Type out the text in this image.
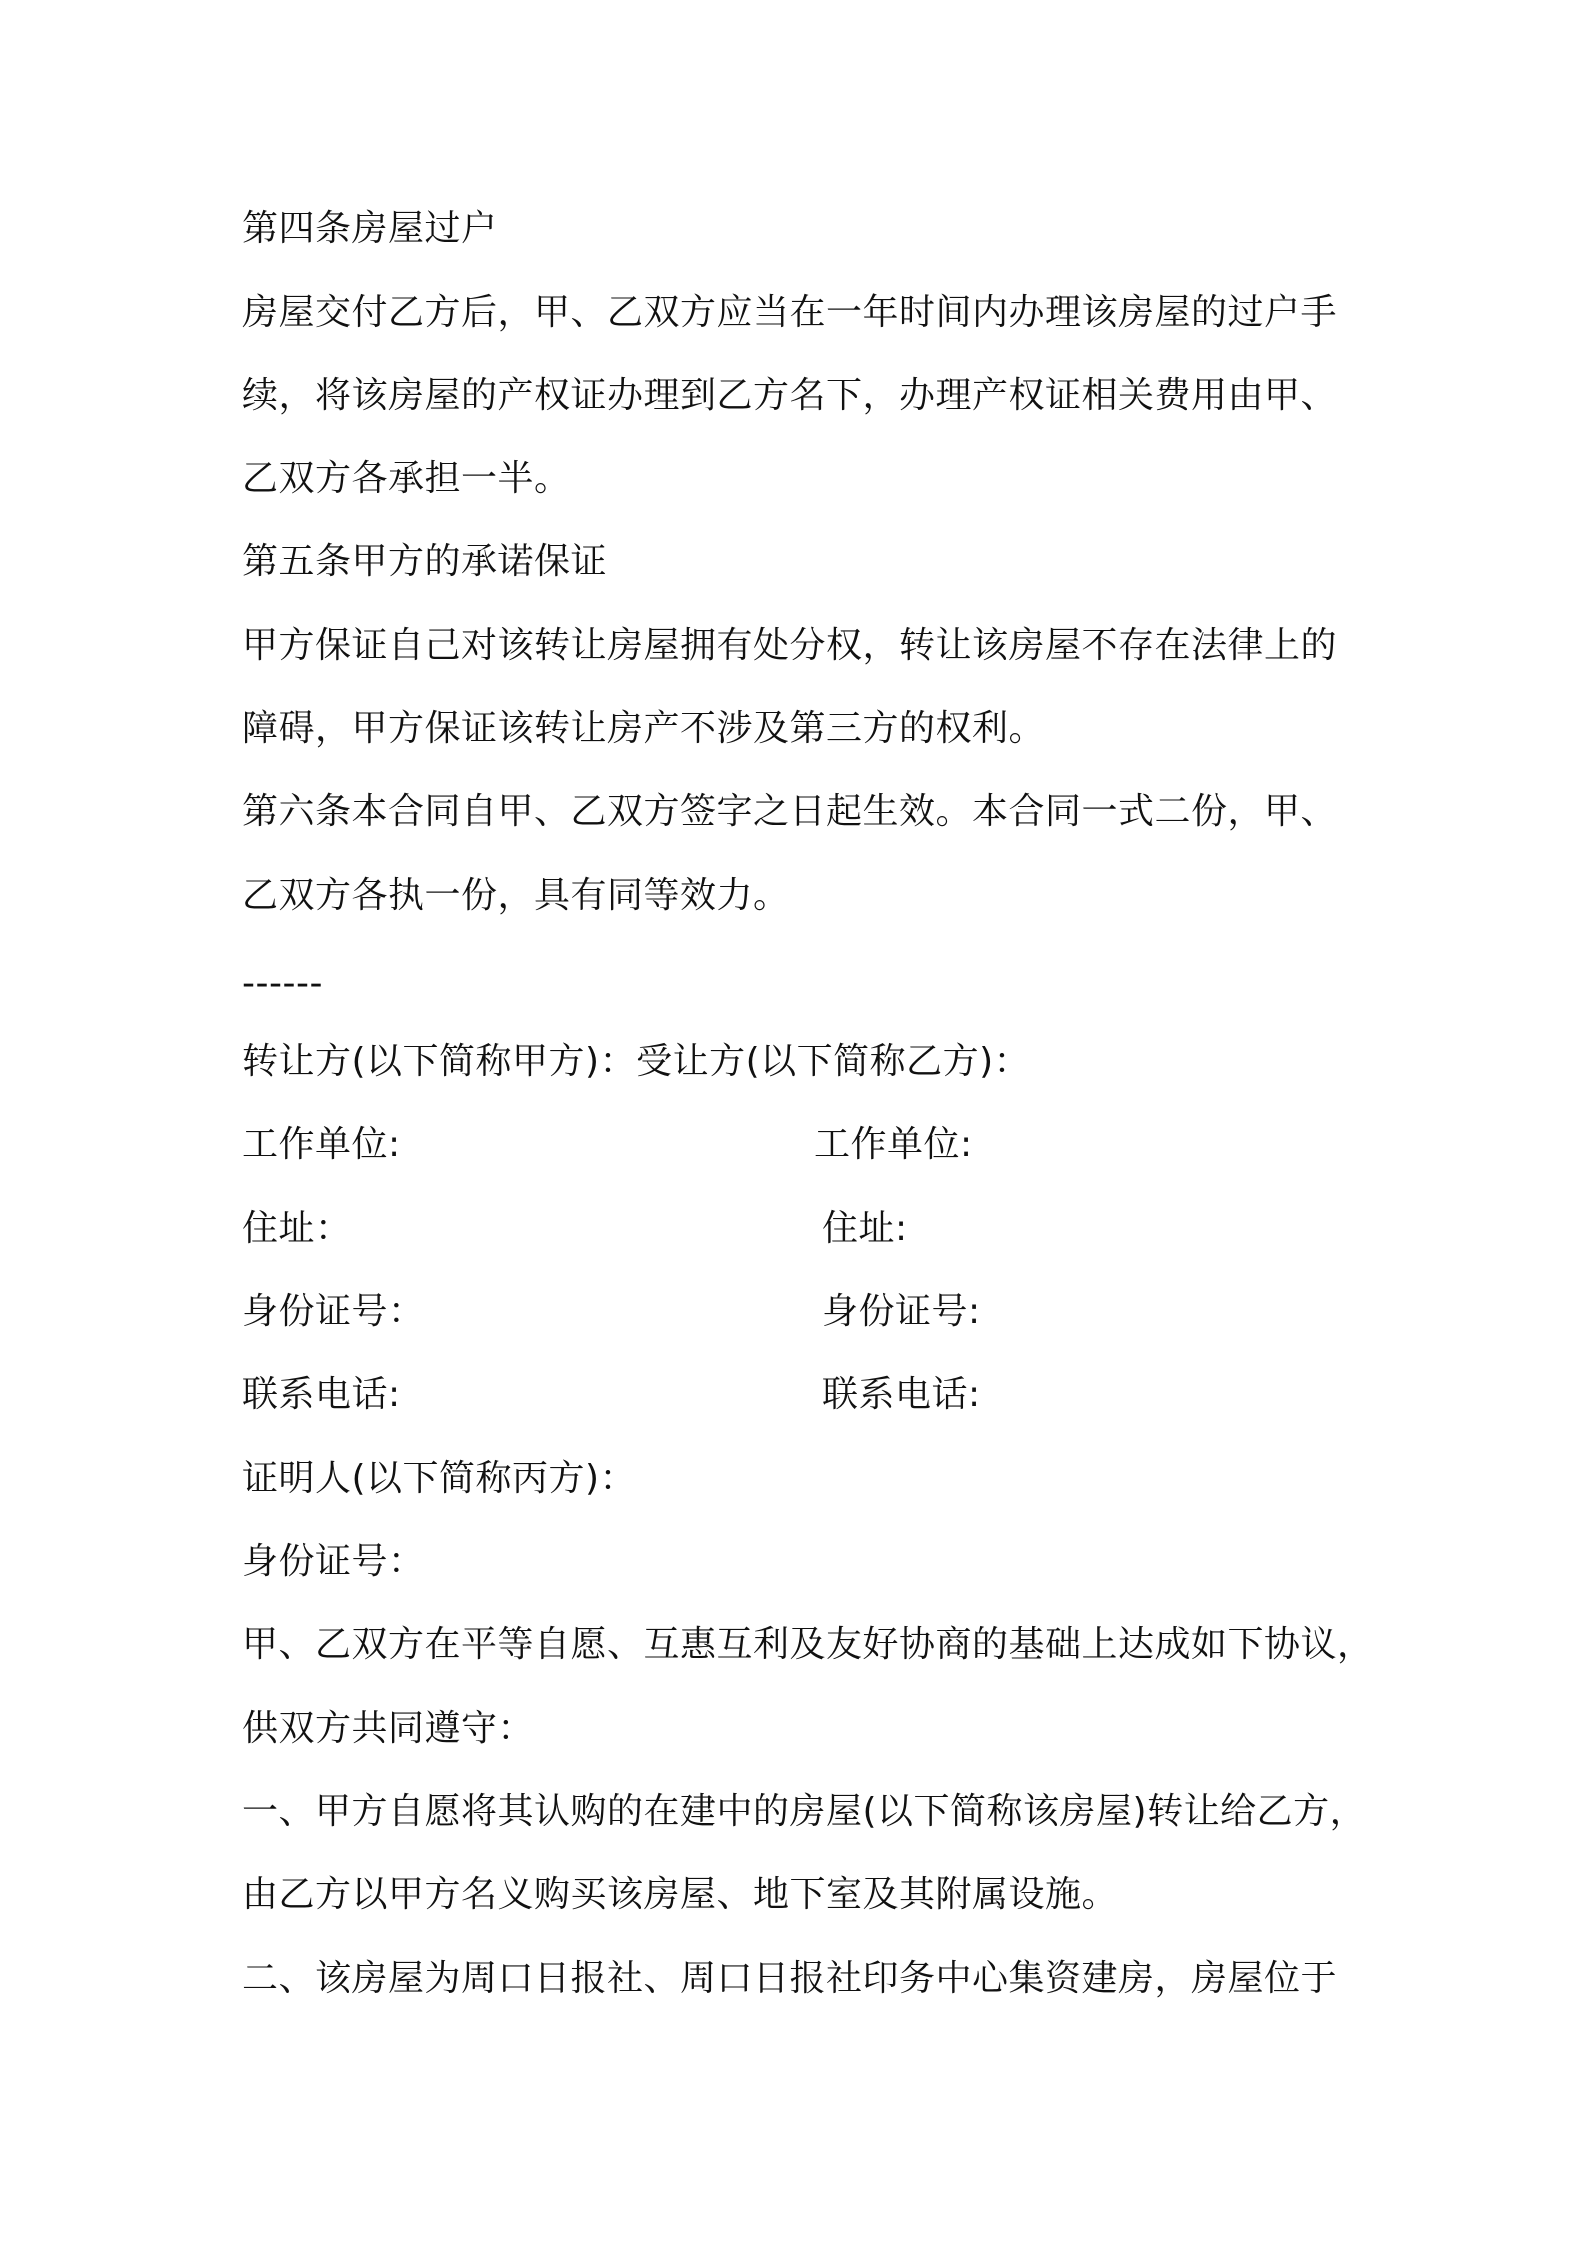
第四条房屋过户
房屋交付乙方后，甲、乙双方应当在一年时间内办理该房屋的过户手
续，将该房屋的产权证办理到乙方名下，办理产权证相关费用由甲、
乙双方各承担一半。
第五条甲方的承诺保证
甲方保证自己对该转让房屋拥有处分权，转让该房屋不存在法律上的
障碍，甲方保证该转让房产不涉及第三方的权利。
第六条本合同自甲、乙双方签字之日起生效。本合同一式二份，甲、
乙双方各执一份，具有同等效力。
------
转让方(以下简称甲方)：受让方(以下简称乙方)：
工作单位:	工作单位:
住址：	住址:
身份证号：	身份证号:
联系电话:	联系电话:
证明人(以下简称丙方)：
身份证号：
甲、乙双方在平等自愿、互惠互利及友好协商的基础上达成如下协议，
供双方共同遵守：
一、甲方自愿将其认购的在建中的房屋(以下简称该房屋)转让给乙方，
由乙方以甲方名义购买该房屋、地下室及其附属设施。
二、该房屋为周口日报社、周口日报社印务中心集资建房，房屋位于
